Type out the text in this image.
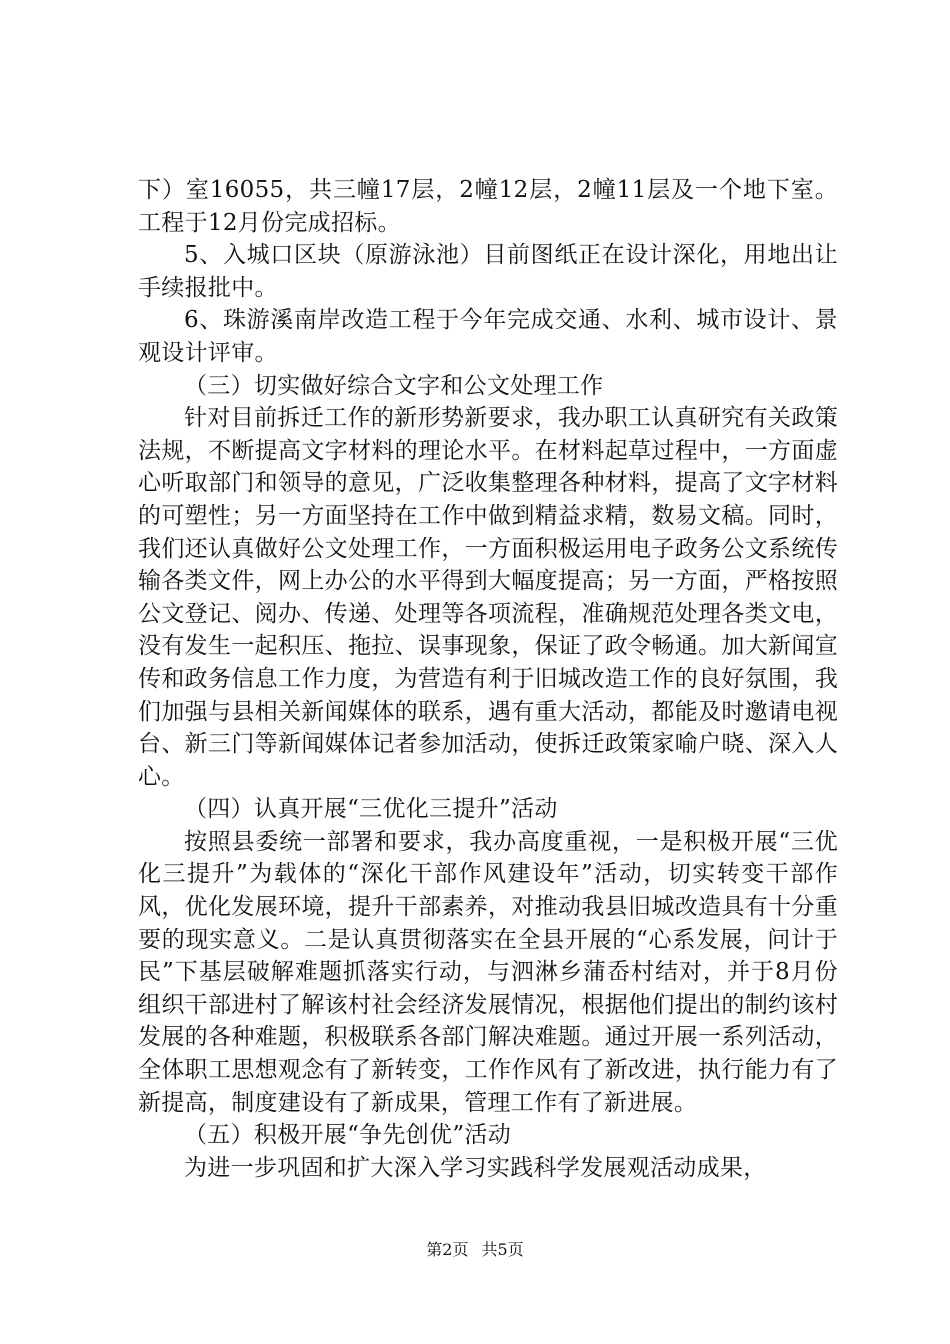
下）室16055，共三幢17层，2幢12层，2幢11层及一个地下室。工程于12月份完成招标。

5、入城口区块（原游泳池）目前图纸正在设计深化，用地出让手续报批中。

6、珠游溪南岸改造工程于今年完成交通、水利、城市设计、景观设计评审。

（三）切实做好综合文字和公文处理工作

针对目前拆迁工作的新形势新要求，我办职工认真研究有关政策法规，不断提高文字材料的理论水平。在材料起草过程中，一方面虚心听取部门和领导的意见，广泛收集整理各种材料，提高了文字材料的可塑性；另一方面坚持在工作中做到精益求精，数易文稿。同时，我们还认真做好公文处理工作，一方面积极运用电子政务公文系统传输各类文件，网上办公的水平得到大幅度提高；另一方面，严格按照公文登记、阅办、传递、处理等各项流程，准确规范处理各类文电，没有发生一起积压、拖拉、误事现象，保证了政令畅通。加大新闻宣传和政务信息工作力度，为营造有利于旧城改造工作的良好氛围，我们加强与县相关新闻媒体的联系，遇有重大活动，都能及时邀请电视台、新三门等新闻媒体记者参加活动，使拆迁政策家喻户晓、深入人心。

（四）认真开展“三优化三提升”活动

按照县委统一部署和要求，我办高度重视，一是积极开展“三优化三提升”为载体的“深化干部作风建设年”活动，切实转变干部作风，优化发展环境，提升干部素养，对推动我县旧城改造具有十分重要的现实意义。二是认真贯彻落实在全县开展的“心系发展，问计于民”下基层破解难题抓落实行动，与泗淋乡蒲岙村结对，并于8月份组织干部进村了解该村社会经济发展情况，根据他们提出的制约该村发展的各种难题，积极联系各部门解决难题。通过开展一系列活动，全体职工思想观念有了新转变，工作作风有了新改进，执行能力有了新提高，制度建设有了新成果，管理工作有了新进展。

（五）积极开展“争先创优”活动

为进一步巩固和扩大深入学习实践科学发展观活动成果，

第2页 共5页
